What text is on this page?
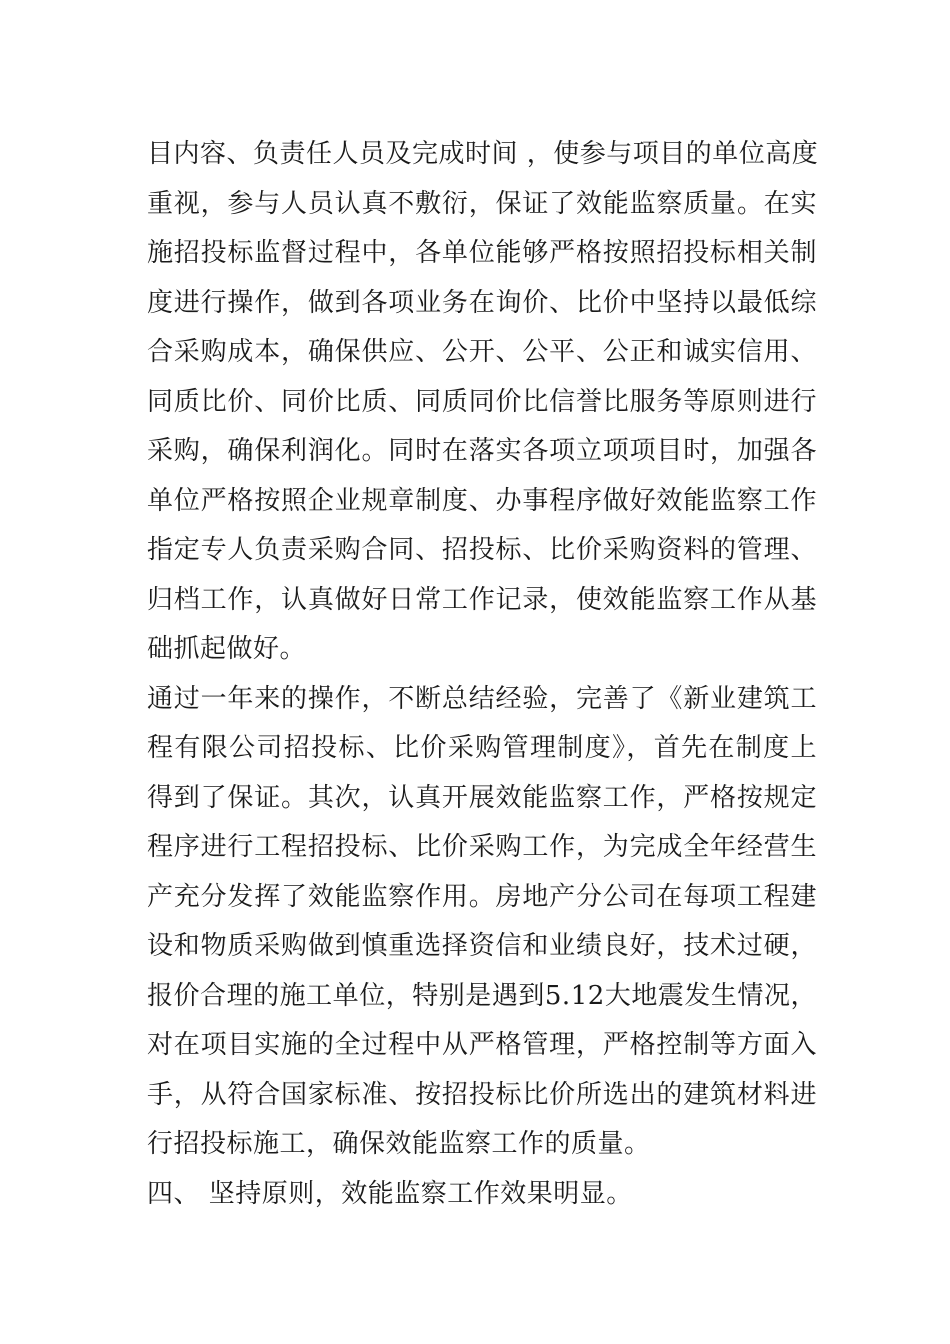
目内容、负责任人员及完成时间 ，使参与项目的单位高度
重视，参与人员认真不敷衍，保证了效能监察质量。在实
施招投标监督过程中，各单位能够严格按照招投标相关制
度进行操作，做到各项业务在询价、比价中坚持以最低综
合采购成本，确保供应、公开、公平、公正和诚实信用、
同质比价、同价比质、同质同价比信誉比服务等原则进行
采购，确保利润化。同时在落实各项立项项目时，加强各
单位严格按照企业规章制度、办事程序做好效能监察工作
指定专人负责采购合同、招投标、比价采购资料的管理、
归档工作，认真做好日常工作记录，使效能监察工作从基
础抓起做好。
通过一年来的操作，不断总结经验，完善了《新业建筑工
程有限公司招投标、比价采购管理制度》，首先在制度上
得到了保证。其次，认真开展效能监察工作，严格按规定
程序进行工程招投标、比价采购工作，为完成全年经营生
产充分发挥了效能监察作用。房地产分公司在每项工程建
设和物质采购做到慎重选择资信和业绩良好，技术过硬，
报价合理的施工单位，特别是遇到5.12大地震发生情况，
对在项目实施的全过程中从严格管理，严格控制等方面入
手，从符合国家标准、按招投标比价所选出的建筑材料进
行招投标施工，确保效能监察工作的质量。
四、 坚持原则，效能监察工作效果明显。
